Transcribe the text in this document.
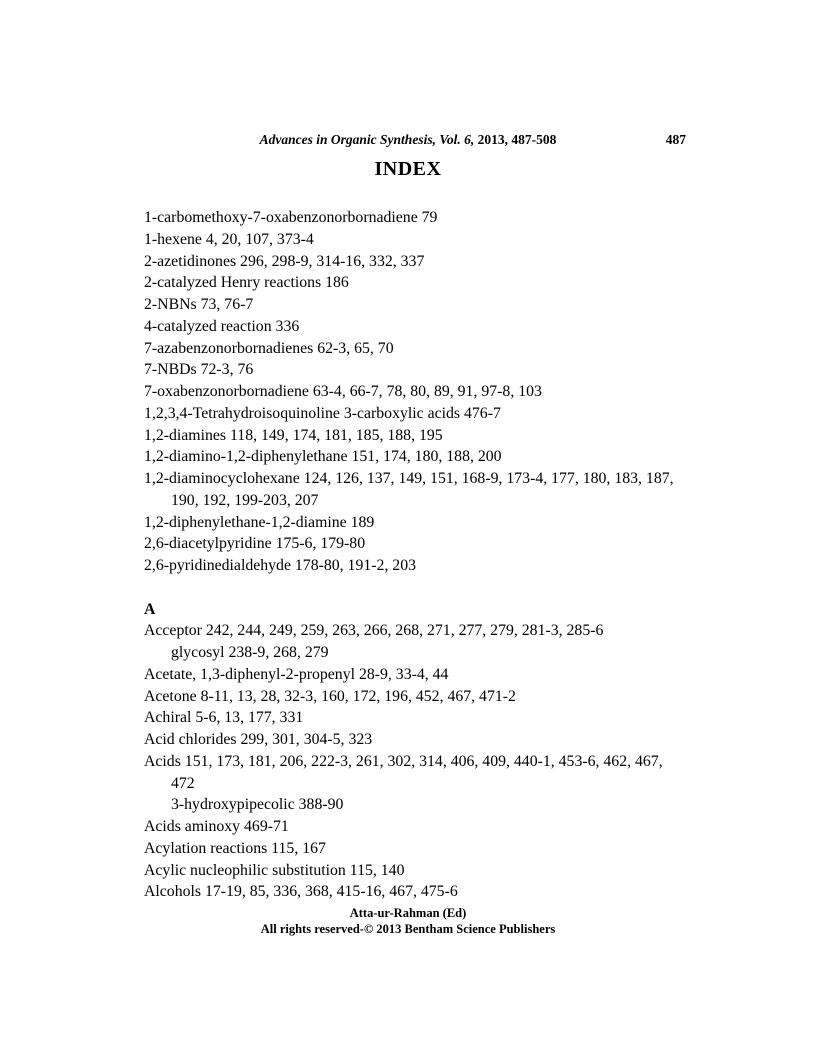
Advances in Organic Synthesis, Vol. 6, 2013, 487-508	487
INDEX
1-carbomethoxy-7-oxabenzonorbornadiene 79
1-hexene 4, 20, 107, 373-4
2-azetidinones 296, 298-9, 314-16, 332, 337
2-catalyzed Henry reactions 186
2-NBNs 73, 76-7
4-catalyzed reaction 336
7-azabenzonorbornadienes 62-3, 65, 70
7-NBDs 72-3, 76
7-oxabenzonorbornadiene 63-4, 66-7, 78, 80, 89, 91, 97-8, 103
1,2,3,4-Tetrahydroisoquinoline 3-carboxylic acids 476-7
1,2-diamines 118, 149, 174, 181, 185, 188, 195
1,2-diamino-1,2-diphenylethane 151, 174, 180, 188, 200
1,2-diaminocyclohexane 124, 126, 137, 149, 151, 168-9, 173-4, 177, 180, 183, 187,
190, 192, 199-203, 207
1,2-diphenylethane-1,2-diamine 189
2,6-diacetylpyridine 175-6, 179-80
2,6-pyridinedialdehyde 178-80, 191-2, 203

A
Acceptor 242, 244, 249, 259, 263, 266, 268, 271, 277, 279, 281-3, 285-6
glycosyl 238-9, 268, 279
Acetate, 1,3-diphenyl-2-propenyl 28-9, 33-4, 44
Acetone 8-11, 13, 28, 32-3, 160, 172, 196, 452, 467, 471-2
Achiral 5-6, 13, 177, 331
Acid chlorides 299, 301, 304-5, 323
Acids 151, 173, 181, 206, 222-3, 261, 302, 314, 406, 409, 440-1, 453-6, 462, 467,
472
3-hydroxypipecolic 388-90
Acids aminoxy 469-71
Acylation reactions 115, 167
Acylic nucleophilic substitution 115, 140
Alcohols 17-19, 85, 336, 368, 415-16, 467, 475-6
Atta-ur-Rahman (Ed)
All rights reserved-© 2013 Bentham Science Publishers
